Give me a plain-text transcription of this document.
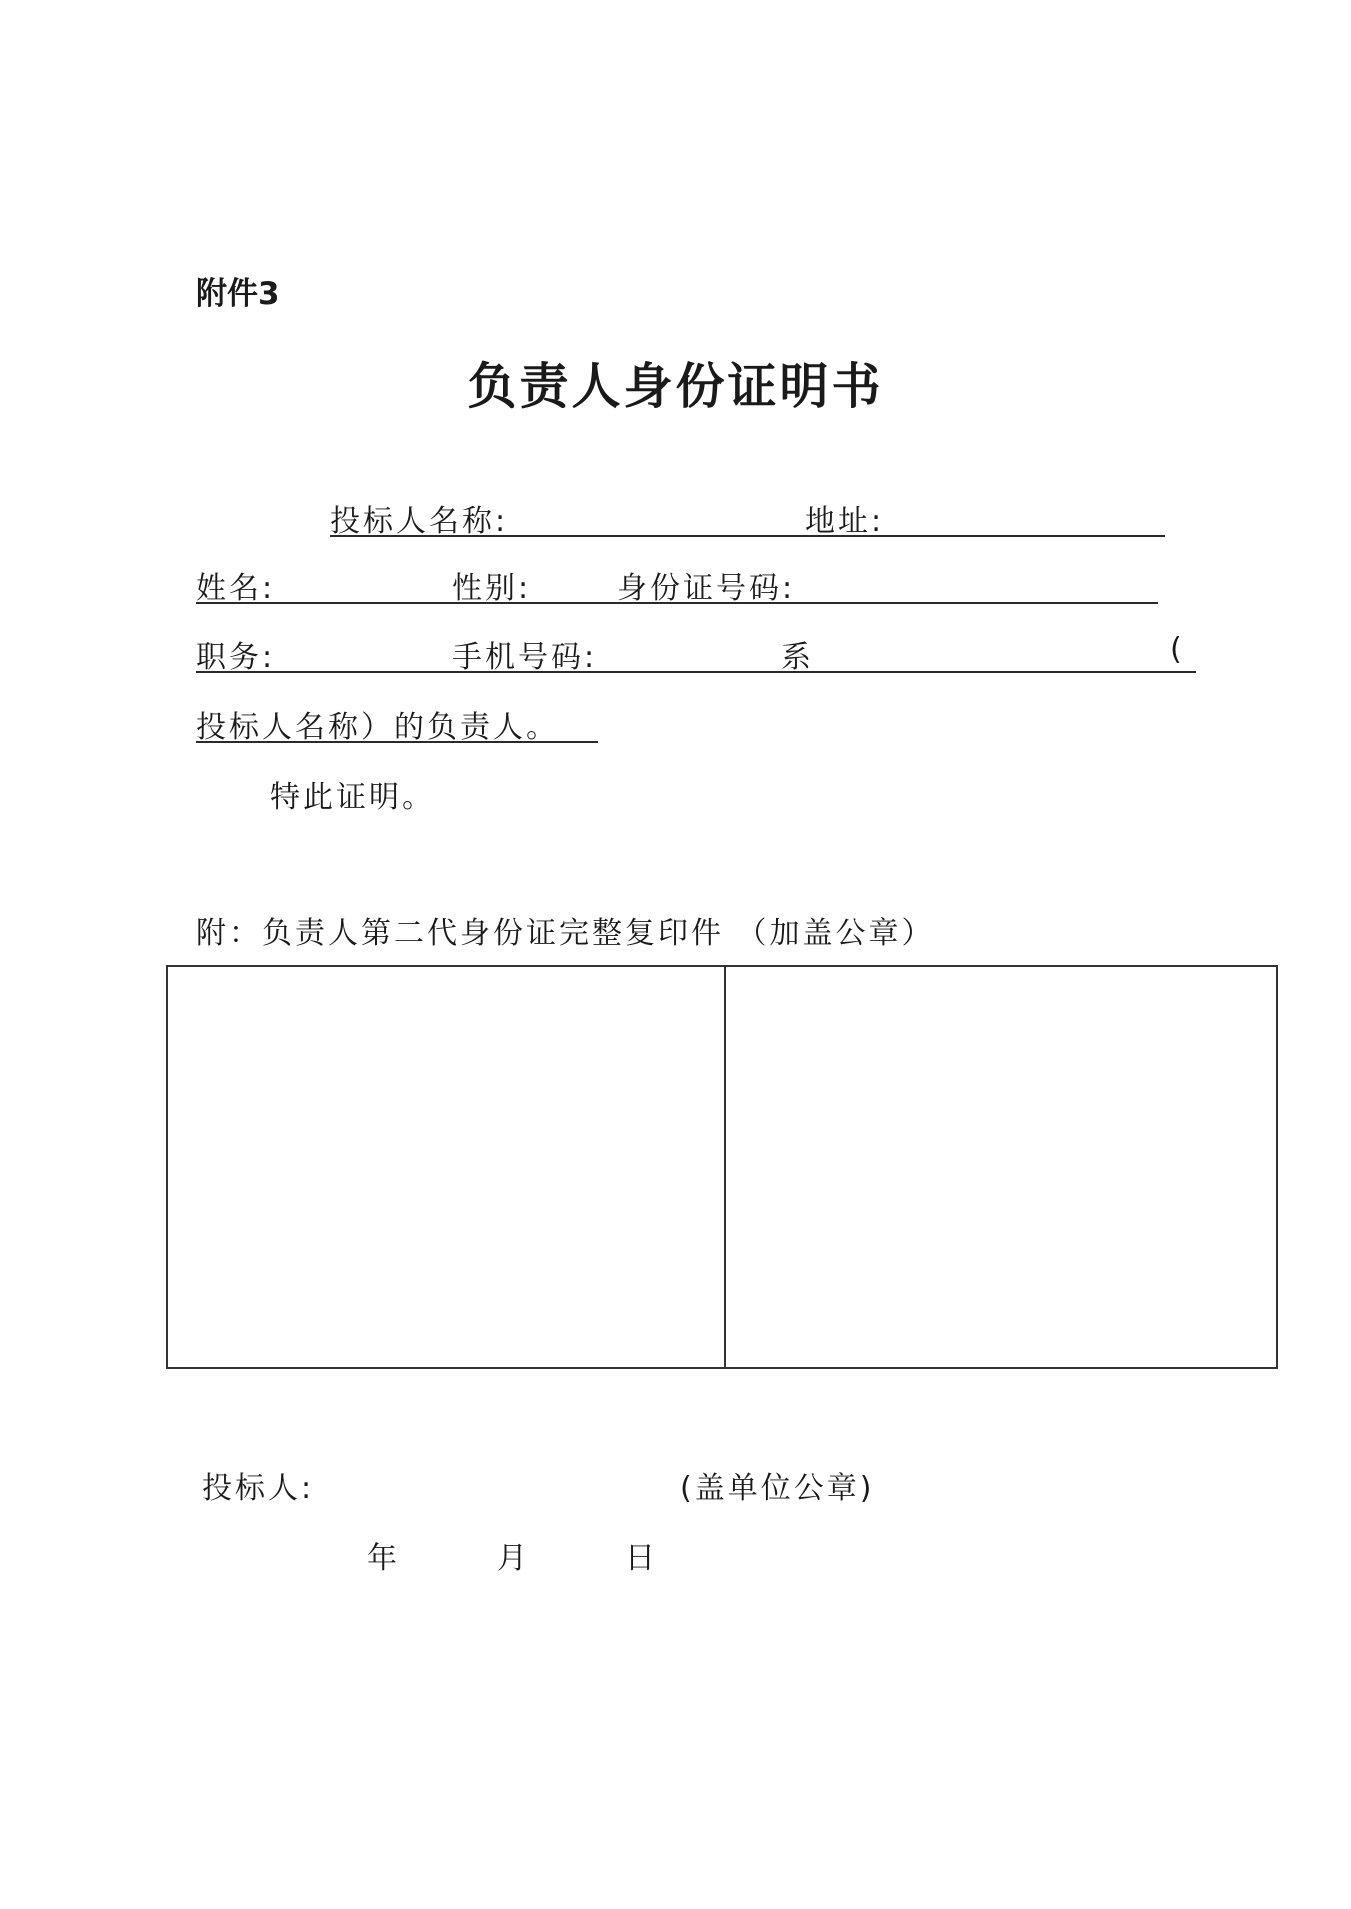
附件3
负责人身份证明书
投标人名称:	地址:
姓名:	性别:	身份证号码:
职务:	手机号码:	系	(
投标人名称）的负责人。
特此证明。
附：负责人第二代身份证完整复印件 （加盖公章）
投标人:	(盖单位公章)
年	月	日
